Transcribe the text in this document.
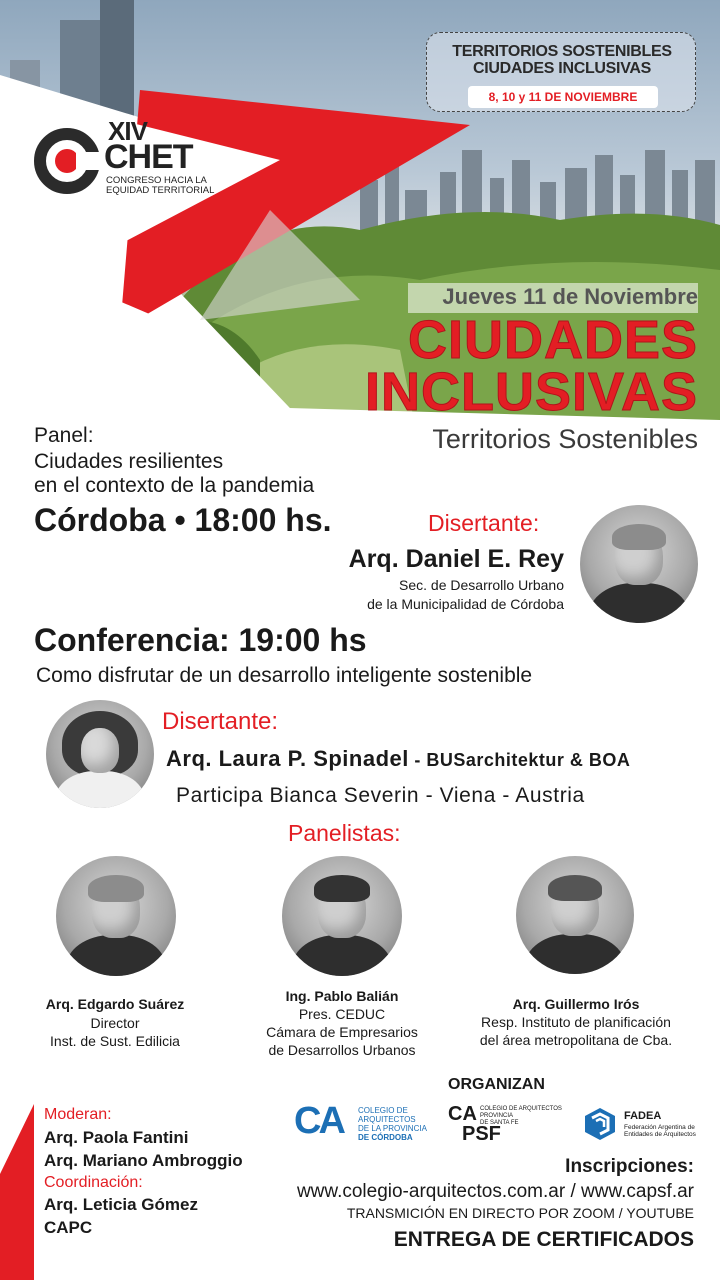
XIV
CHET
CONGRESO HACIA LA EQUIDAD TERRITORIAL
TERRITORIOS SOSTENIBLES
CIUDADES INCLUSIVAS
8, 10 y 11 DE NOVIEMBRE
Jueves 11 de Noviembre
CIUDADES
INCLUSIVAS
Territorios Sostenibles
Panel:
Ciudades resilientes
en el contexto de la pandemia
Córdoba • 18:00 hs.	Disertante:
Arq. Daniel E. Rey
Sec. de Desarrollo Urbano
de la Municipalidad de Córdoba
Conferencia: 19:00 hs
Como disfrutar de un desarrollo inteligente sostenible
Disertante:
Arq. Laura P. Spinadel - BUSarchitektur & BOA
Participa Bianca Severin - Viena - Austria
Panelistas:
Arq. Edgardo Suárez
Director
Inst. de Sust. Edilicia
Ing. Pablo Balián
Pres. CEDUC
Cámara de Empresarios
de Desarrollos Urbanos
Arq. Guillermo Irós
Resp. Instituto de planificación
del área metropolitana de Cba.
Moderan:
Arq. Paola Fantini
Arq. Mariano Ambroggio
Coordinación:
Arq. Leticia Gómez
CAPC
ORGANIZAN
CA COLEGIO DE
ARQUITECTOS
DE LA PROVINCIA
DE CÓRDOBA
CA
PSF
COLEGIO DE ARQUITECTOS
PROVINCIA
DE SANTA FE
FADEA
Federación Argentina de
Entidades de Arquitectos
Inscripciones:
www.colegio-arquitectos.com.ar / www.capsf.ar
TRANSMICIÓN EN DIRECTO POR ZOOM / YOUTUBE
ENTREGA DE CERTIFICADOS
